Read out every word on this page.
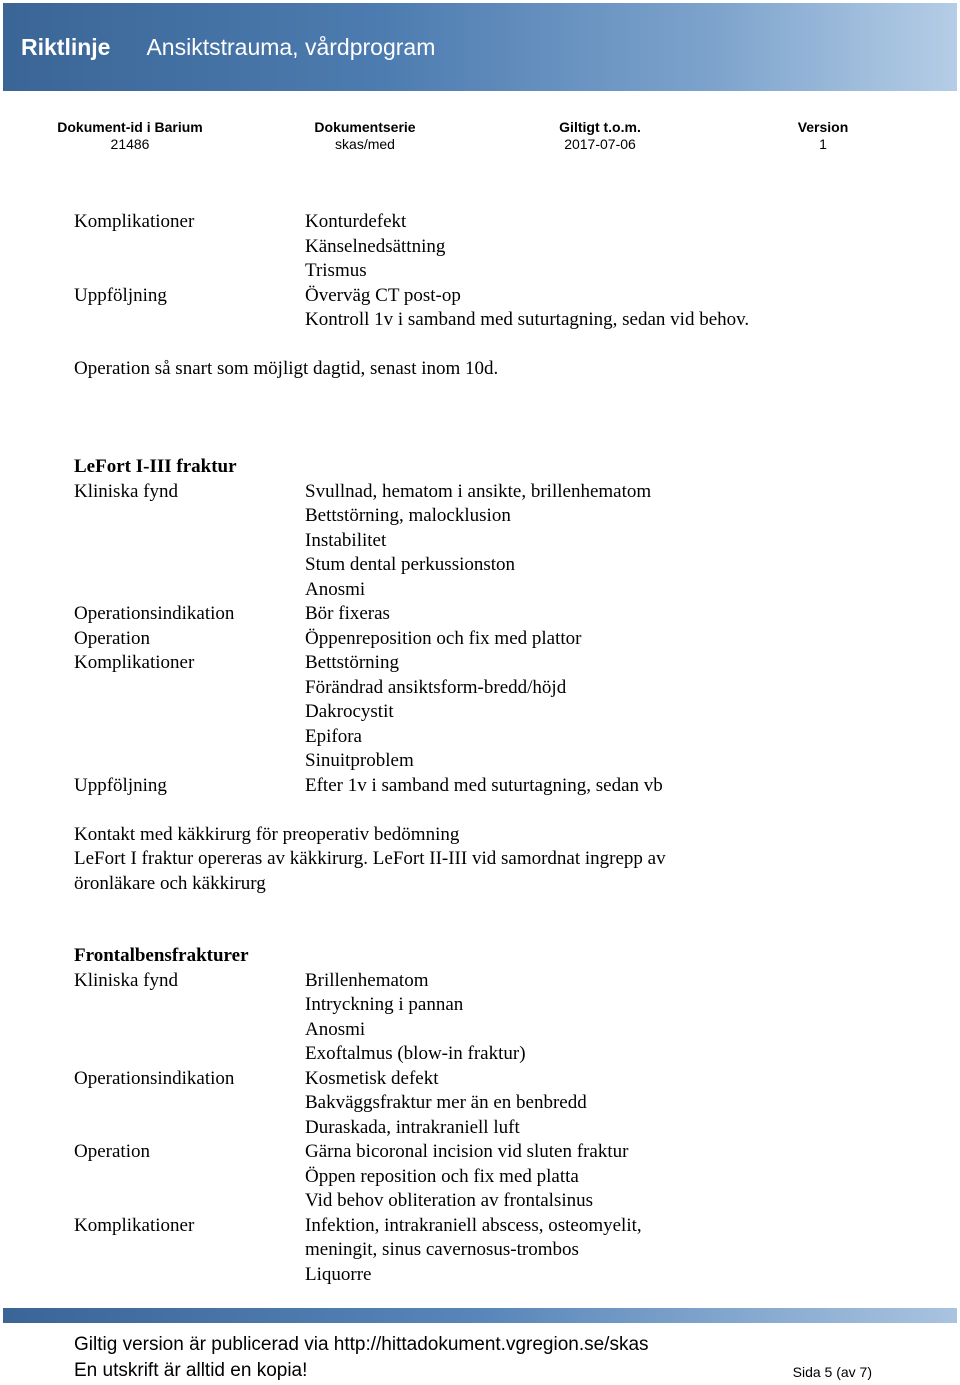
Riktlinje Ansiktstrauma, vårdprogram
Dokument-id i Barium
21486
Dokumentserie
skas/med
Giltigt t.o.m.
2017-07-06
Version
1
Komplikationer
Uppföljning
Konturdefekt
Känselnedsättning
Trismus
Överväg CT post-op
Kontroll 1v i samband med suturtagning, sedan vid behov.
Operation så snart som möjligt dagtid, senast inom 10d.
LeFort I-III fraktur
Kliniska fynd
Operationsindikation
Operation
Komplikationer
Uppföljning
Svullnad, hematom i ansikte, brillenhematom
Bettstörning, malocklusion
Instabilitet
Stum dental perkussionston
Anosmi
Bör fixeras
Öppenreposition och fix med plattor
Bettstörning
Förändrad ansiktsform-bredd/höjd
Dakrocystit
Epifora
Sinuitproblem
Efter 1v i samband med suturtagning, sedan vb
Kontakt med käkkirurg för preoperativ bedömning
LeFort I fraktur opereras av käkkirurg. LeFort II-III vid samordnat ingrepp av
öronläkare och käkkirurg
Frontalbensfrakturer
Kliniska fynd
Operationsindikation
Operation
Komplikationer
Brillenhematom
Intryckning i pannan
Anosmi
Exoftalmus (blow-in fraktur)
Kosmetisk defekt
Bakväggsfraktur mer än en benbredd
Duraskada, intrakraniell luft
Gärna bicoronal incision vid sluten fraktur
Öppen reposition och fix med platta
Vid behov obliteration av frontalsinus
Infektion, intrakraniell abscess, osteomyelit,
meningit, sinus cavernosus-trombos
Liquorre
Giltig version är publicerad via http://hittadokument.vgregion.se/skas
En utskrift är alltid en kopia!	Sida 5 (av 7)
